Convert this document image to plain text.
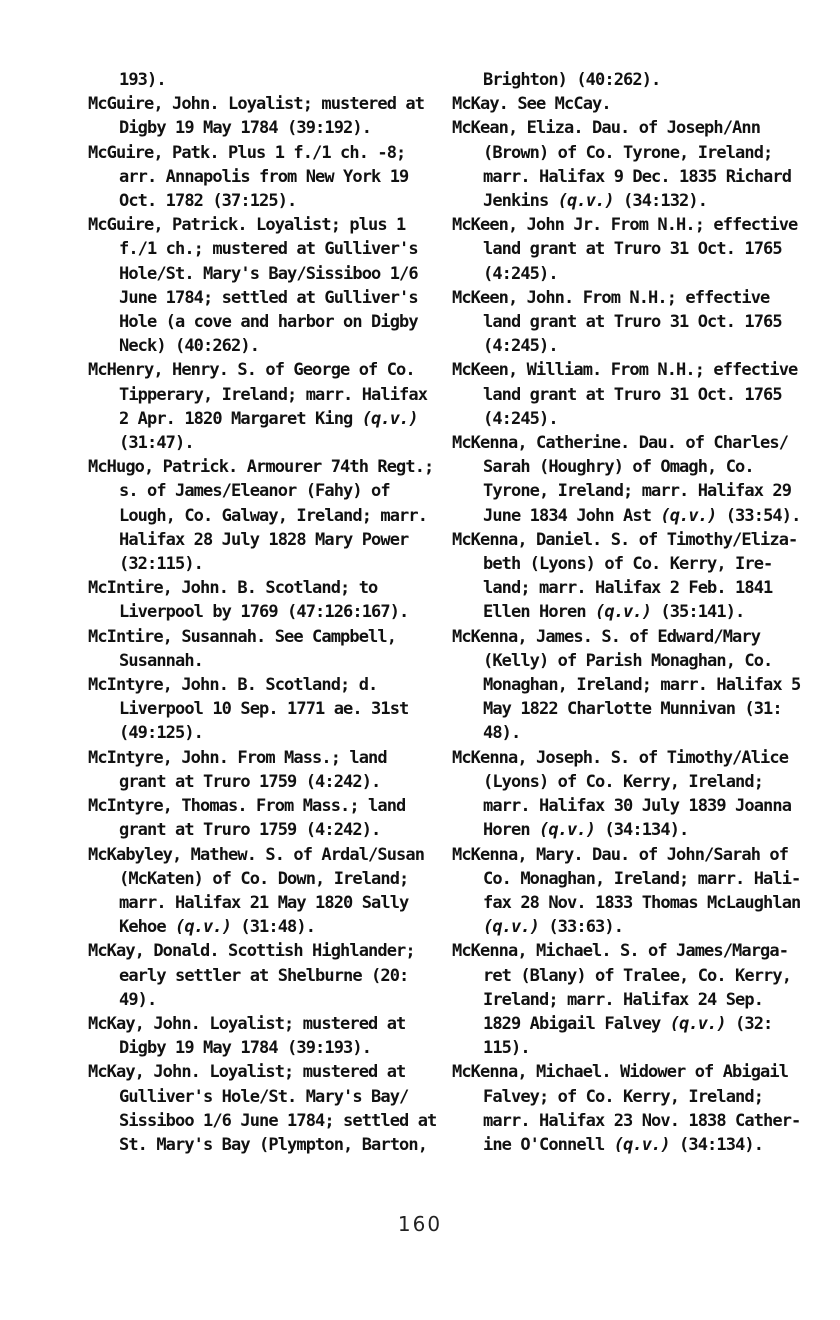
193).
McGuire, John. Loyalist; mustered at
Digby 19 May 1784 (39:192).
McGuire, Patk. Plus 1 f./1 ch. -8;
arr. Annapolis from New York 19
Oct. 1782 (37:125).
McGuire, Patrick. Loyalist; plus 1
f./1 ch.; mustered at Gulliver's
Hole/St. Mary's Bay/Sissiboo 1/6
June 1784; settled at Gulliver's
Hole (a cove and harbor on Digby
Neck) (40:262).
McHenry, Henry. S. of George of Co.
Tipperary, Ireland; marr. Halifax
2 Apr. 1820 Margaret King (q.v.)
(31:47).
McHugo, Patrick. Armourer 74th Regt.;
s. of James/Eleanor (Fahy) of
Lough, Co. Galway, Ireland; marr.
Halifax 28 July 1828 Mary Power
(32:115).
McIntire, John. B. Scotland; to
Liverpool by 1769 (47:126:167).
McIntire, Susannah. See Campbell,
Susannah.
McIntyre, John. B. Scotland; d.
Liverpool 10 Sep. 1771 ae. 31st
(49:125).
McIntyre, John. From Mass.; land
grant at Truro 1759 (4:242).
McIntyre, Thomas. From Mass.; land
grant at Truro 1759 (4:242).
McKabyley, Mathew. S. of Ardal/Susan
(McKaten) of Co. Down, Ireland;
marr. Halifax 21 May 1820 Sally
Kehoe (q.v.) (31:48).
McKay, Donald. Scottish Highlander;
early settler at Shelburne (20:
49).
McKay, John. Loyalist; mustered at
Digby 19 May 1784 (39:193).
McKay, John. Loyalist; mustered at
Gulliver's Hole/St. Mary's Bay/
Sissiboo 1/6 June 1784; settled at
St. Mary's Bay (Plympton, Barton,
Brighton) (40:262).
McKay. See McCay.
McKean, Eliza. Dau. of Joseph/Ann
(Brown) of Co. Tyrone, Ireland;
marr. Halifax 9 Dec. 1835 Richard
Jenkins (q.v.) (34:132).
McKeen, John Jr. From N.H.; effective
land grant at Truro 31 Oct. 1765
(4:245).
McKeen, John. From N.H.; effective
land grant at Truro 31 Oct. 1765
(4:245).
McKeen, William. From N.H.; effective
land grant at Truro 31 Oct. 1765
(4:245).
McKenna, Catherine. Dau. of Charles/
Sarah (Houghry) of Omagh, Co.
Tyrone, Ireland; marr. Halifax 29
June 1834 John Ast (q.v.) (33:54).
McKenna, Daniel. S. of Timothy/Eliza-
beth (Lyons) of Co. Kerry, Ire-
land; marr. Halifax 2 Feb. 1841
Ellen Horen (q.v.) (35:141).
McKenna, James. S. of Edward/Mary
(Kelly) of Parish Monaghan, Co.
Monaghan, Ireland; marr. Halifax 5
May 1822 Charlotte Munnivan (31:
48).
McKenna, Joseph. S. of Timothy/Alice
(Lyons) of Co. Kerry, Ireland;
marr. Halifax 30 July 1839 Joanna
Horen (q.v.) (34:134).
McKenna, Mary. Dau. of John/Sarah of
Co. Monaghan, Ireland; marr. Hali-
fax 28 Nov. 1833 Thomas McLaughlan
(q.v.) (33:63).
McKenna, Michael. S. of James/Marga-
ret (Blany) of Tralee, Co. Kerry,
Ireland; marr. Halifax 24 Sep.
1829 Abigail Falvey (q.v.) (32:
115).
McKenna, Michael. Widower of Abigail
Falvey; of Co. Kerry, Ireland;
marr. Halifax 23 Nov. 1838 Cather-
ine O'Connell (q.v.) (34:134).
160
